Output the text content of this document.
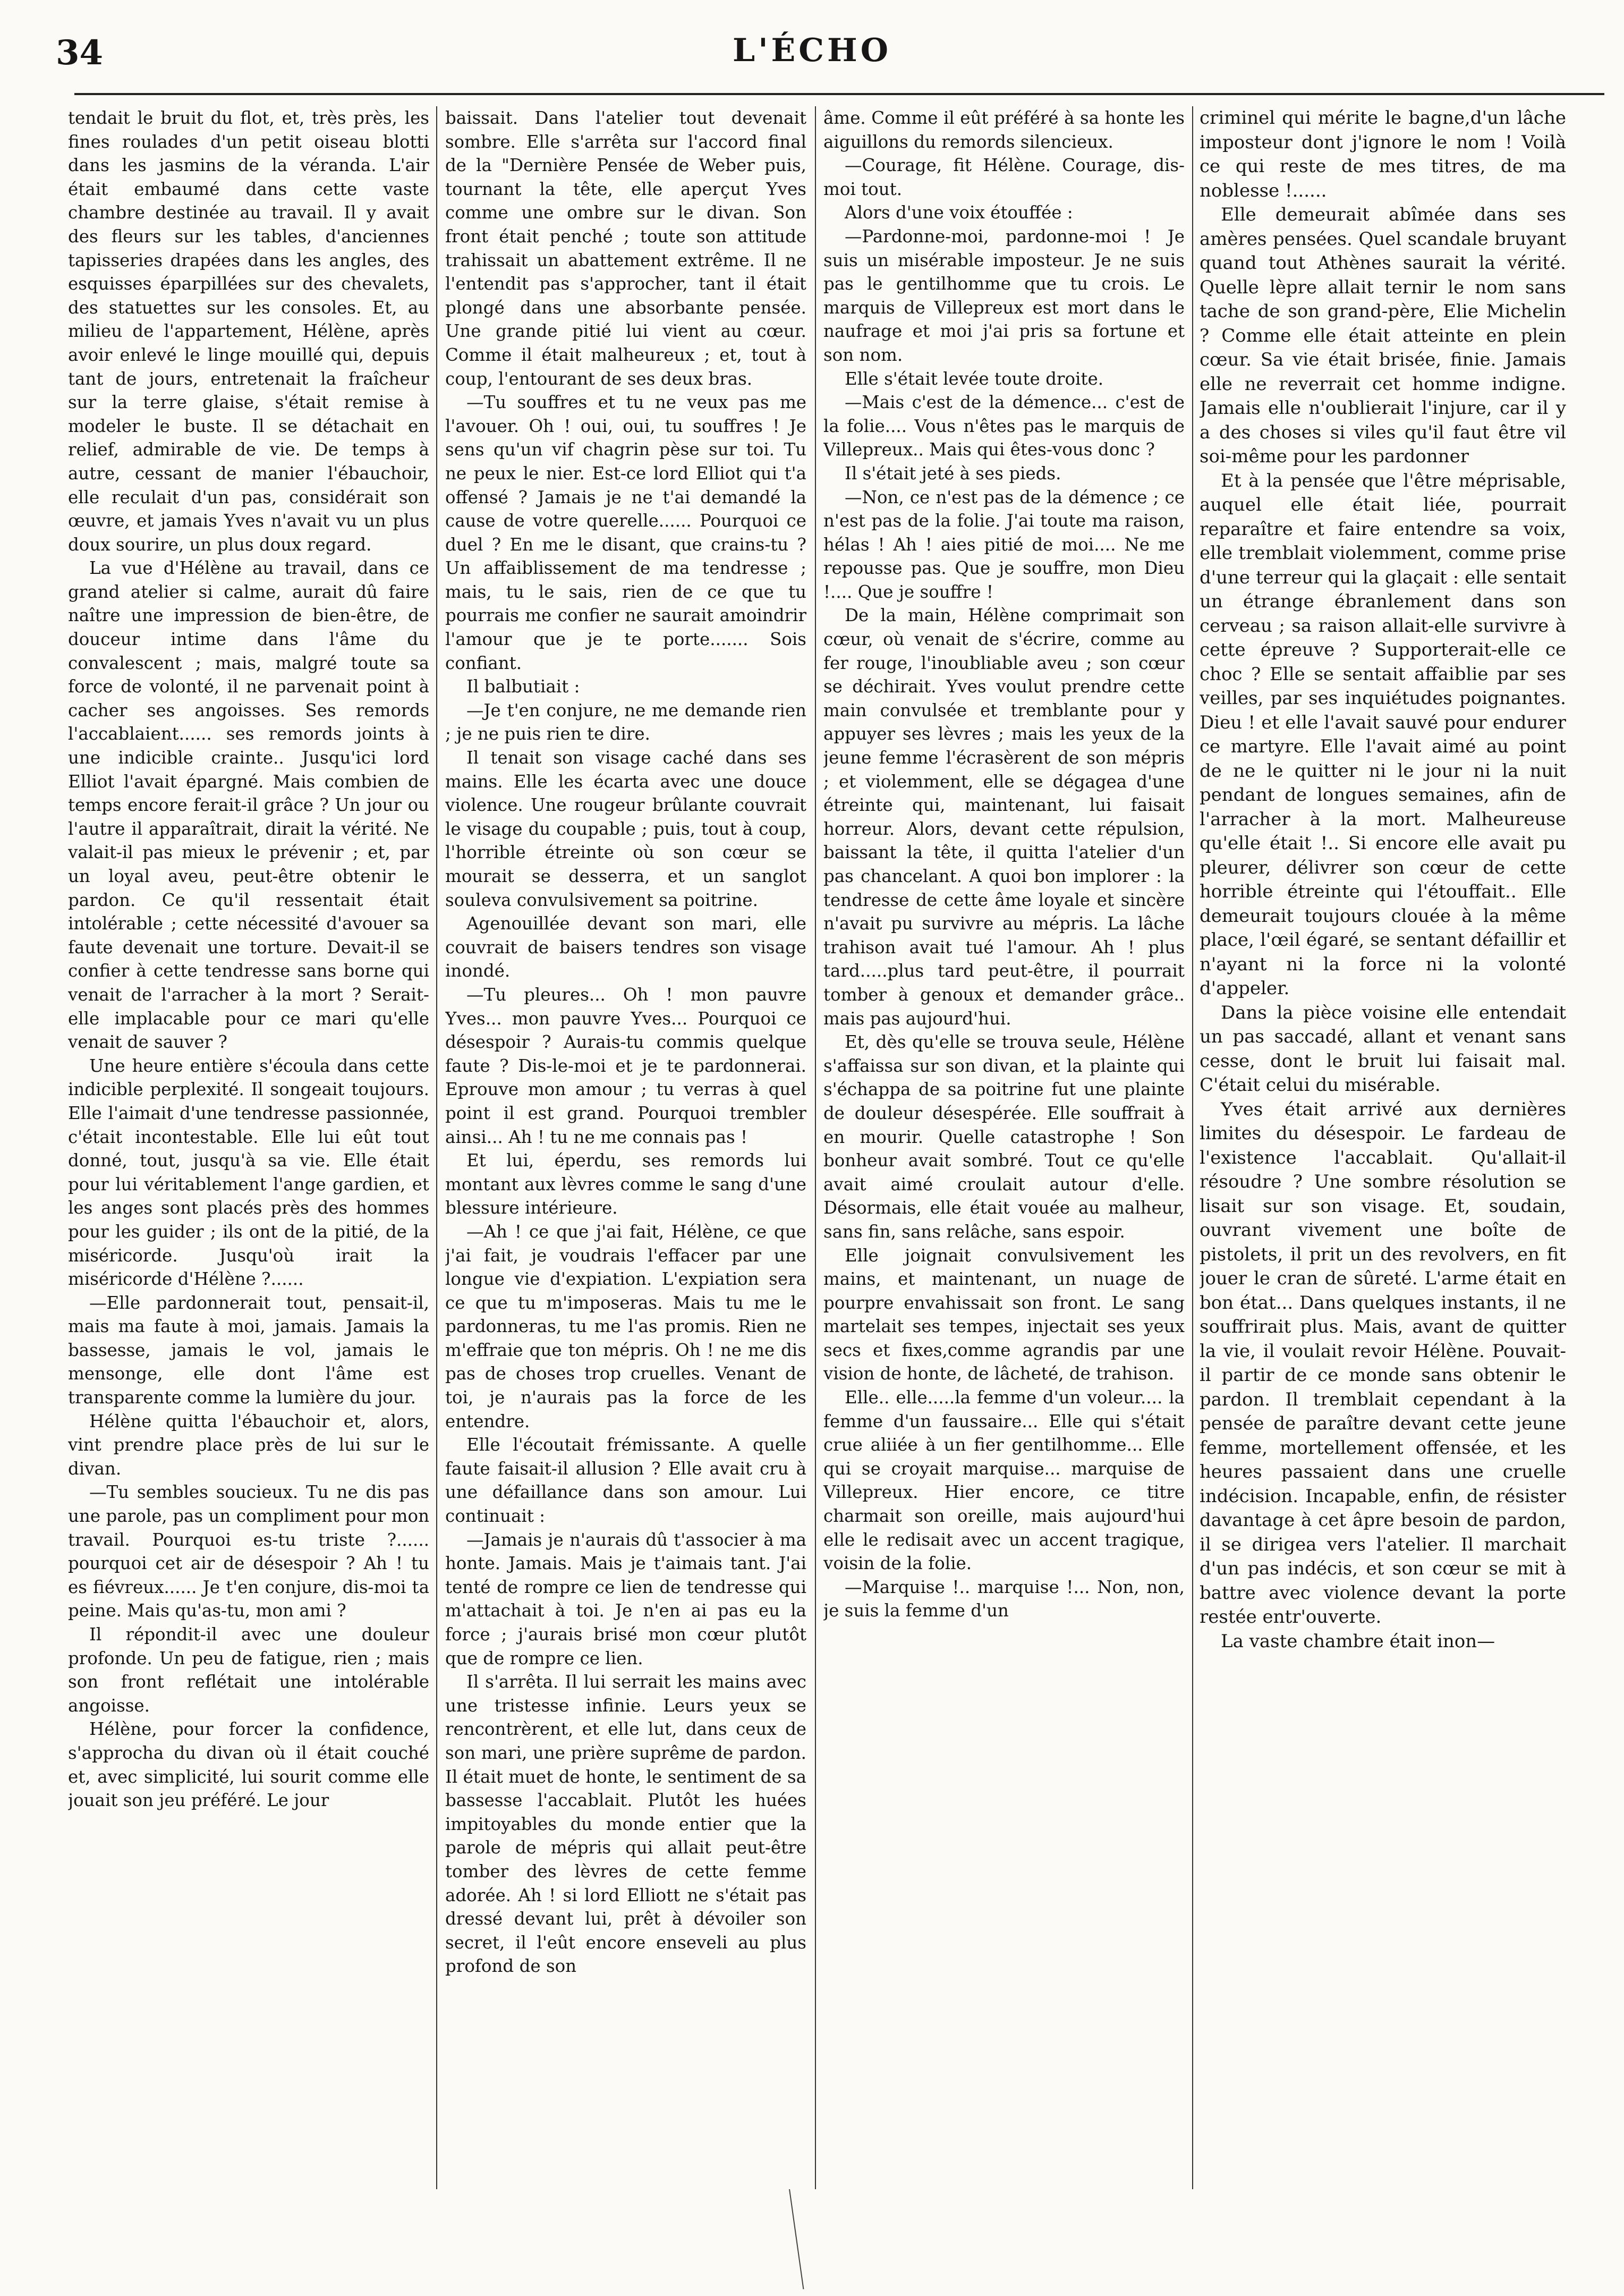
34	L'ÉCHO

tendait le bruit du flot, et, très près, les fines roulades d'un petit oiseau blotti dans les jasmins de la véranda. L'air était embaumé dans cette vaste chambre destinée au travail. Il y avait des fleurs sur les tables, d'anciennes tapisseries drapées dans les angles, des esquisses éparpillées sur des chevalets, des statuettes sur les consoles. Et, au milieu de l'appartement, Hélène, après avoir enlevé le linge mouillé qui, depuis tant de jours, entretenait la fraîcheur sur la terre glaise, s'était remise à modeler le buste. Il se détachait en relief, admirable de vie. De temps à autre, cessant de manier l'ébauchoir, elle reculait d'un pas, considérait son œuvre, et jamais Yves n'avait vu un plus doux sourire, un plus doux regard.

La vue d'Hélène au travail, dans ce grand atelier si calme, aurait dû faire naître une impression de bien-être, de douceur intime dans l'âme du convalescent ; mais, malgré toute sa force de volonté, il ne parvenait point à cacher ses angoisses. Ses remords l'accablaient...... ses remords joints à une indicible crainte.. Jusqu'ici lord Elliot l'avait épargné. Mais combien de temps encore ferait-il grâce ? Un jour ou l'autre il apparaîtrait, dirait la vérité. Ne valait-il pas mieux le prévenir ; et, par un loyal aveu, peut-être obtenir le pardon. Ce qu'il ressentait était intolérable ; cette nécessité d'avouer sa faute devenait une torture. Devait-il se confier à cette tendresse sans borne qui venait de l'arracher à la mort ? Serait-elle implacable pour ce mari qu'elle venait de sauver ?

Une heure entière s'écoula dans cette indicible perplexité. Il songeait toujours. Elle l'aimait d'une tendresse passionnée, c'était incontestable. Elle lui eût tout donné, tout, jusqu'à sa vie. Elle était pour lui véritablement l'ange gardien, et les anges sont placés près des hommes pour les guider ; ils ont de la pitié, de la miséricorde. Jusqu'où irait la miséricorde d'Hélène ?......

—Elle pardonnerait tout, pensait-il, mais ma faute à moi, jamais. Jamais la bassesse, jamais le vol, jamais le mensonge, elle dont l'âme est transparente comme la lumière du jour.

Hélène quitta l'ébauchoir et, alors, vint prendre place près de lui sur le divan.

—Tu sembles soucieux. Tu ne dis pas une parole, pas un compliment pour mon travail. Pourquoi es-tu triste ?...... pourquoi cet air de désespoir ? Ah ! tu es fiévreux...... Je t'en conjure, dis-moi ta peine. Mais qu'as-tu, mon ami ?

Il répondit-il avec une douleur profonde. Un peu de fatigue, rien ; mais son front reflétait une intolérable angoisse.

Hélène, pour forcer la confidence, s'approcha du divan où il était couché et, avec simplicité, lui sourit comme elle jouait son jeu préféré. Le jour

baissait. Dans l'atelier tout devenait sombre. Elle s'arrêta sur l'accord final de la "Dernière Pensée de Weber puis, tournant la tête, elle aperçut Yves comme une ombre sur le divan. Son front était penché ; toute son attitude trahissait un abattement extrême. Il ne l'entendit pas s'approcher, tant il était plongé dans une absorbante pensée. Une grande pitié lui vient au cœur. Comme il était malheureux ; et, tout à coup, l'entourant de ses deux bras.

—Tu souffres et tu ne veux pas me l'avouer. Oh ! oui, oui, tu souffres ! Je sens qu'un vif chagrin pèse sur toi. Tu ne peux le nier. Est-ce lord Elliot qui t'a offensé ? Jamais je ne t'ai demandé la cause de votre querelle...... Pourquoi ce duel ? En me le disant, que crains-tu ? Un affaiblissement de ma tendresse ; mais, tu le sais, rien de ce que tu pourrais me confier ne saurait amoindrir l'amour que je te porte....... Sois confiant.

Il balbutiait :

—Je t'en conjure, ne me demande rien ; je ne puis rien te dire.

Il tenait son visage caché dans ses mains. Elle les écarta avec une douce violence. Une rougeur brûlante couvrait le visage du coupable ; puis, tout à coup, l'horrible étreinte où son cœur se mourait se desserra, et un sanglot souleva convulsivement sa poitrine.

Agenouillée devant son mari, elle couvrait de baisers tendres son visage inondé.

—Tu pleures... Oh ! mon pauvre Yves... mon pauvre Yves... Pourquoi ce désespoir ? Aurais-tu commis quelque faute ? Dis-le-moi et je te pardonnerai. Eprouve mon amour ; tu verras à quel point il est grand. Pourquoi trembler ainsi... Ah ! tu ne me connais pas !

Et lui, éperdu, ses remords lui montant aux lèvres comme le sang d'une blessure intérieure.

—Ah ! ce que j'ai fait, Hélène, ce que j'ai fait, je voudrais l'effacer par une longue vie d'expiation. L'expiation sera ce que tu m'imposeras. Mais tu me le pardonneras, tu me l'as promis. Rien ne m'effraie que ton mépris. Oh ! ne me dis pas de choses trop cruelles. Venant de toi, je n'aurais pas la force de les entendre.

Elle l'écoutait frémissante. A quelle faute faisait-il allusion ? Elle avait cru à une défaillance dans son amour. Lui continuait :

—Jamais je n'aurais dû t'associer à ma honte. Jamais. Mais je t'aimais tant. J'ai tenté de rompre ce lien de tendresse qui m'attachait à toi. Je n'en ai pas eu la force ; j'aurais brisé mon cœur plutôt que de rompre ce lien.

Il s'arrêta. Il lui serrait les mains avec une tristesse infinie. Leurs yeux se rencontrèrent, et elle lut, dans ceux de son mari, une prière suprême de pardon. Il était muet de honte, le sentiment de sa bassesse l'accablait. Plutôt les huées impitoyables du monde entier que la parole de mépris qui allait peut-être tomber des lèvres de cette femme adorée. Ah ! si lord Elliott ne s'était pas dressé devant lui, prêt à dévoiler son secret, il l'eût encore enseveli au plus profond de son

âme. Comme il eût préféré à sa honte les aiguillons du remords silencieux.

—Courage, fit Hélène. Courage, dis-moi tout.

Alors d'une voix étouffée :

—Pardonne-moi, pardonne-moi ! Je suis un misérable imposteur. Je ne suis pas le gentilhomme que tu crois. Le marquis de Villepreux est mort dans le naufrage et moi j'ai pris sa fortune et son nom.

Elle s'était levée toute droite.

—Mais c'est de la démence... c'est de la folie.... Vous n'êtes pas le marquis de Villepreux.. Mais qui êtes-vous donc ?

Il s'était jeté à ses pieds.

—Non, ce n'est pas de la démence ; ce n'est pas de la folie. J'ai toute ma raison, hélas ! Ah ! aies pitié de moi.... Ne me repousse pas. Que je souffre, mon Dieu !.... Que je souffre !

De la main, Hélène comprimait son cœur, où venait de s'écrire, comme au fer rouge, l'inoubliable aveu ; son cœur se déchirait. Yves voulut prendre cette main convulsée et tremblante pour y appuyer ses lèvres ; mais les yeux de la jeune femme l'écrasèrent de son mépris ; et violemment, elle se dégagea d'une étreinte qui, maintenant, lui faisait horreur. Alors, devant cette répulsion, baissant la tête, il quitta l'atelier d'un pas chancelant. A quoi bon implorer : la tendresse de cette âme loyale et sincère n'avait pu survivre au mépris. La lâche trahison avait tué l'amour. Ah ! plus tard.....plus tard peut-être, il pourrait tomber à genoux et demander grâce.. mais pas aujourd'hui.

Et, dès qu'elle se trouva seule, Hélène s'affaissa sur son divan, et la plainte qui s'échappa de sa poitrine fut une plainte de douleur désespérée. Elle souffrait à en mourir. Quelle catastrophe ! Son bonheur avait sombré. Tout ce qu'elle avait aimé croulait autour d'elle. Désormais, elle était vouée au malheur, sans fin, sans relâche, sans espoir.

Elle joignait convulsivement les mains, et maintenant, un nuage de pourpre envahissait son front. Le sang martelait ses tempes, injectait ses yeux secs et fixes,comme agrandis par une vision de honte, de lâcheté, de trahison.

Elle.. elle.....la femme d'un voleur.... la femme d'un faussaire... Elle qui s'était crue aliiée à un fier gentilhomme... Elle qui se croyait marquise... marquise de Villepreux. Hier encore, ce titre charmait son oreille, mais aujourd'hui elle le redisait avec un accent tragique, voisin de la folie.

—Marquise !.. marquise !... Non, non, je suis la femme d'un

criminel qui mérite le bagne,d'un lâche imposteur dont j'ignore le nom ! Voilà ce qui reste de mes titres, de ma noblesse !......

Elle demeurait abîmée dans ses amères pensées. Quel scandale bruyant quand tout Athènes saurait la vérité. Quelle lèpre allait ternir le nom sans tache de son grand-père, Elie Michelin ? Comme elle était atteinte en plein cœur. Sa vie était brisée, finie. Jamais elle ne reverrait cet homme indigne. Jamais elle n'oublierait l'injure, car il y a des choses si viles qu'il faut être vil soi-même pour les pardonner

Et à la pensée que l'être méprisable, auquel elle était liée, pourrait reparaître et faire entendre sa voix, elle tremblait violemment, comme prise d'une terreur qui la glaçait : elle sentait un étrange ébranlement dans son cerveau ; sa raison allait-elle survivre à cette épreuve ? Supporterait-elle ce choc ? Elle se sentait affaiblie par ses veilles, par ses inquiétudes poignantes. Dieu ! et elle l'avait sauvé pour endurer ce martyre. Elle l'avait aimé au point de ne le quitter ni le jour ni la nuit pendant de longues semaines, afin de l'arracher à la mort. Malheureuse qu'elle était !.. Si encore elle avait pu pleurer, délivrer son cœur de cette horrible étreinte qui l'étouffait.. Elle demeurait toujours clouée à la même place, l'œil égaré, se sentant défaillir et n'ayant ni la force ni la volonté d'appeler.

Dans la pièce voisine elle entendait un pas saccadé, allant et venant sans cesse, dont le bruit lui faisait mal. C'était celui du misérable.

Yves était arrivé aux dernières limites du désespoir. Le fardeau de l'existence l'accablait. Qu'allait-il résoudre ? Une sombre résolution se lisait sur son visage. Et, soudain, ouvrant vivement une boîte de pistolets, il prit un des revolvers, en fit jouer le cran de sûreté. L'arme était en bon état... Dans quelques instants, il ne souffrirait plus. Mais, avant de quitter la vie, il voulait revoir Hélène. Pouvait-il partir de ce monde sans obtenir le pardon. Il tremblait cependant à la pensée de paraître devant cette jeune femme, mortellement offensée, et les heures passaient dans une cruelle indécision. Incapable, enfin, de résister davantage à cet âpre besoin de pardon, il se dirigea vers l'atelier. Il marchait d'un pas indécis, et son cœur se mit à battre avec violence devant la porte restée entr'ouverte.

La vaste chambre était inon—
